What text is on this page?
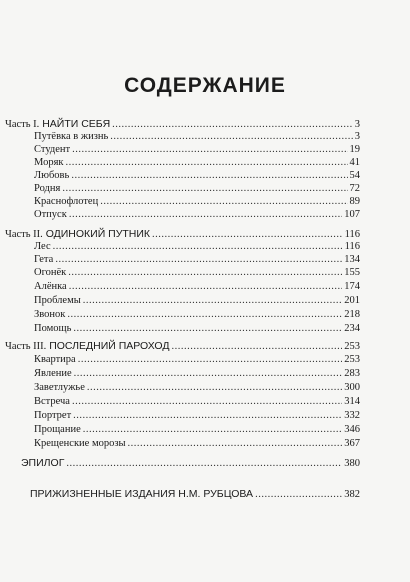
СОДЕРЖАНИЕ
Часть I. НАЙТИ СЕБЯ .....	3
Путёвка в жизнь .....	3
Студент .....	19
Моряк .....	41
Любовь .....	54
Родня .....	72
Краснофлотец .....	89
Отпуск .....	107
Часть II. ОДИНОКИЙ ПУТНИК .....	116
Лес .....	116
Гета .....	134
Огонёк .....	155
Алёнка .....	174
Проблемы .....	201
Звонок .....	218
Помощь .....	234
Часть III. ПОСЛЕДНИЙ ПАРОХОД .....	253
Квартира .....	253
Явление .....	283
Заветлужье .....	300
Встреча .....	314
Портрет .....	332
Прощание .....	346
Крещенские морозы .....	367
ЭПИЛОГ .....	380
ПРИЖИЗНЕННЫЕ ИЗДАНИЯ Н.М. РУБЦОВА .....	382
